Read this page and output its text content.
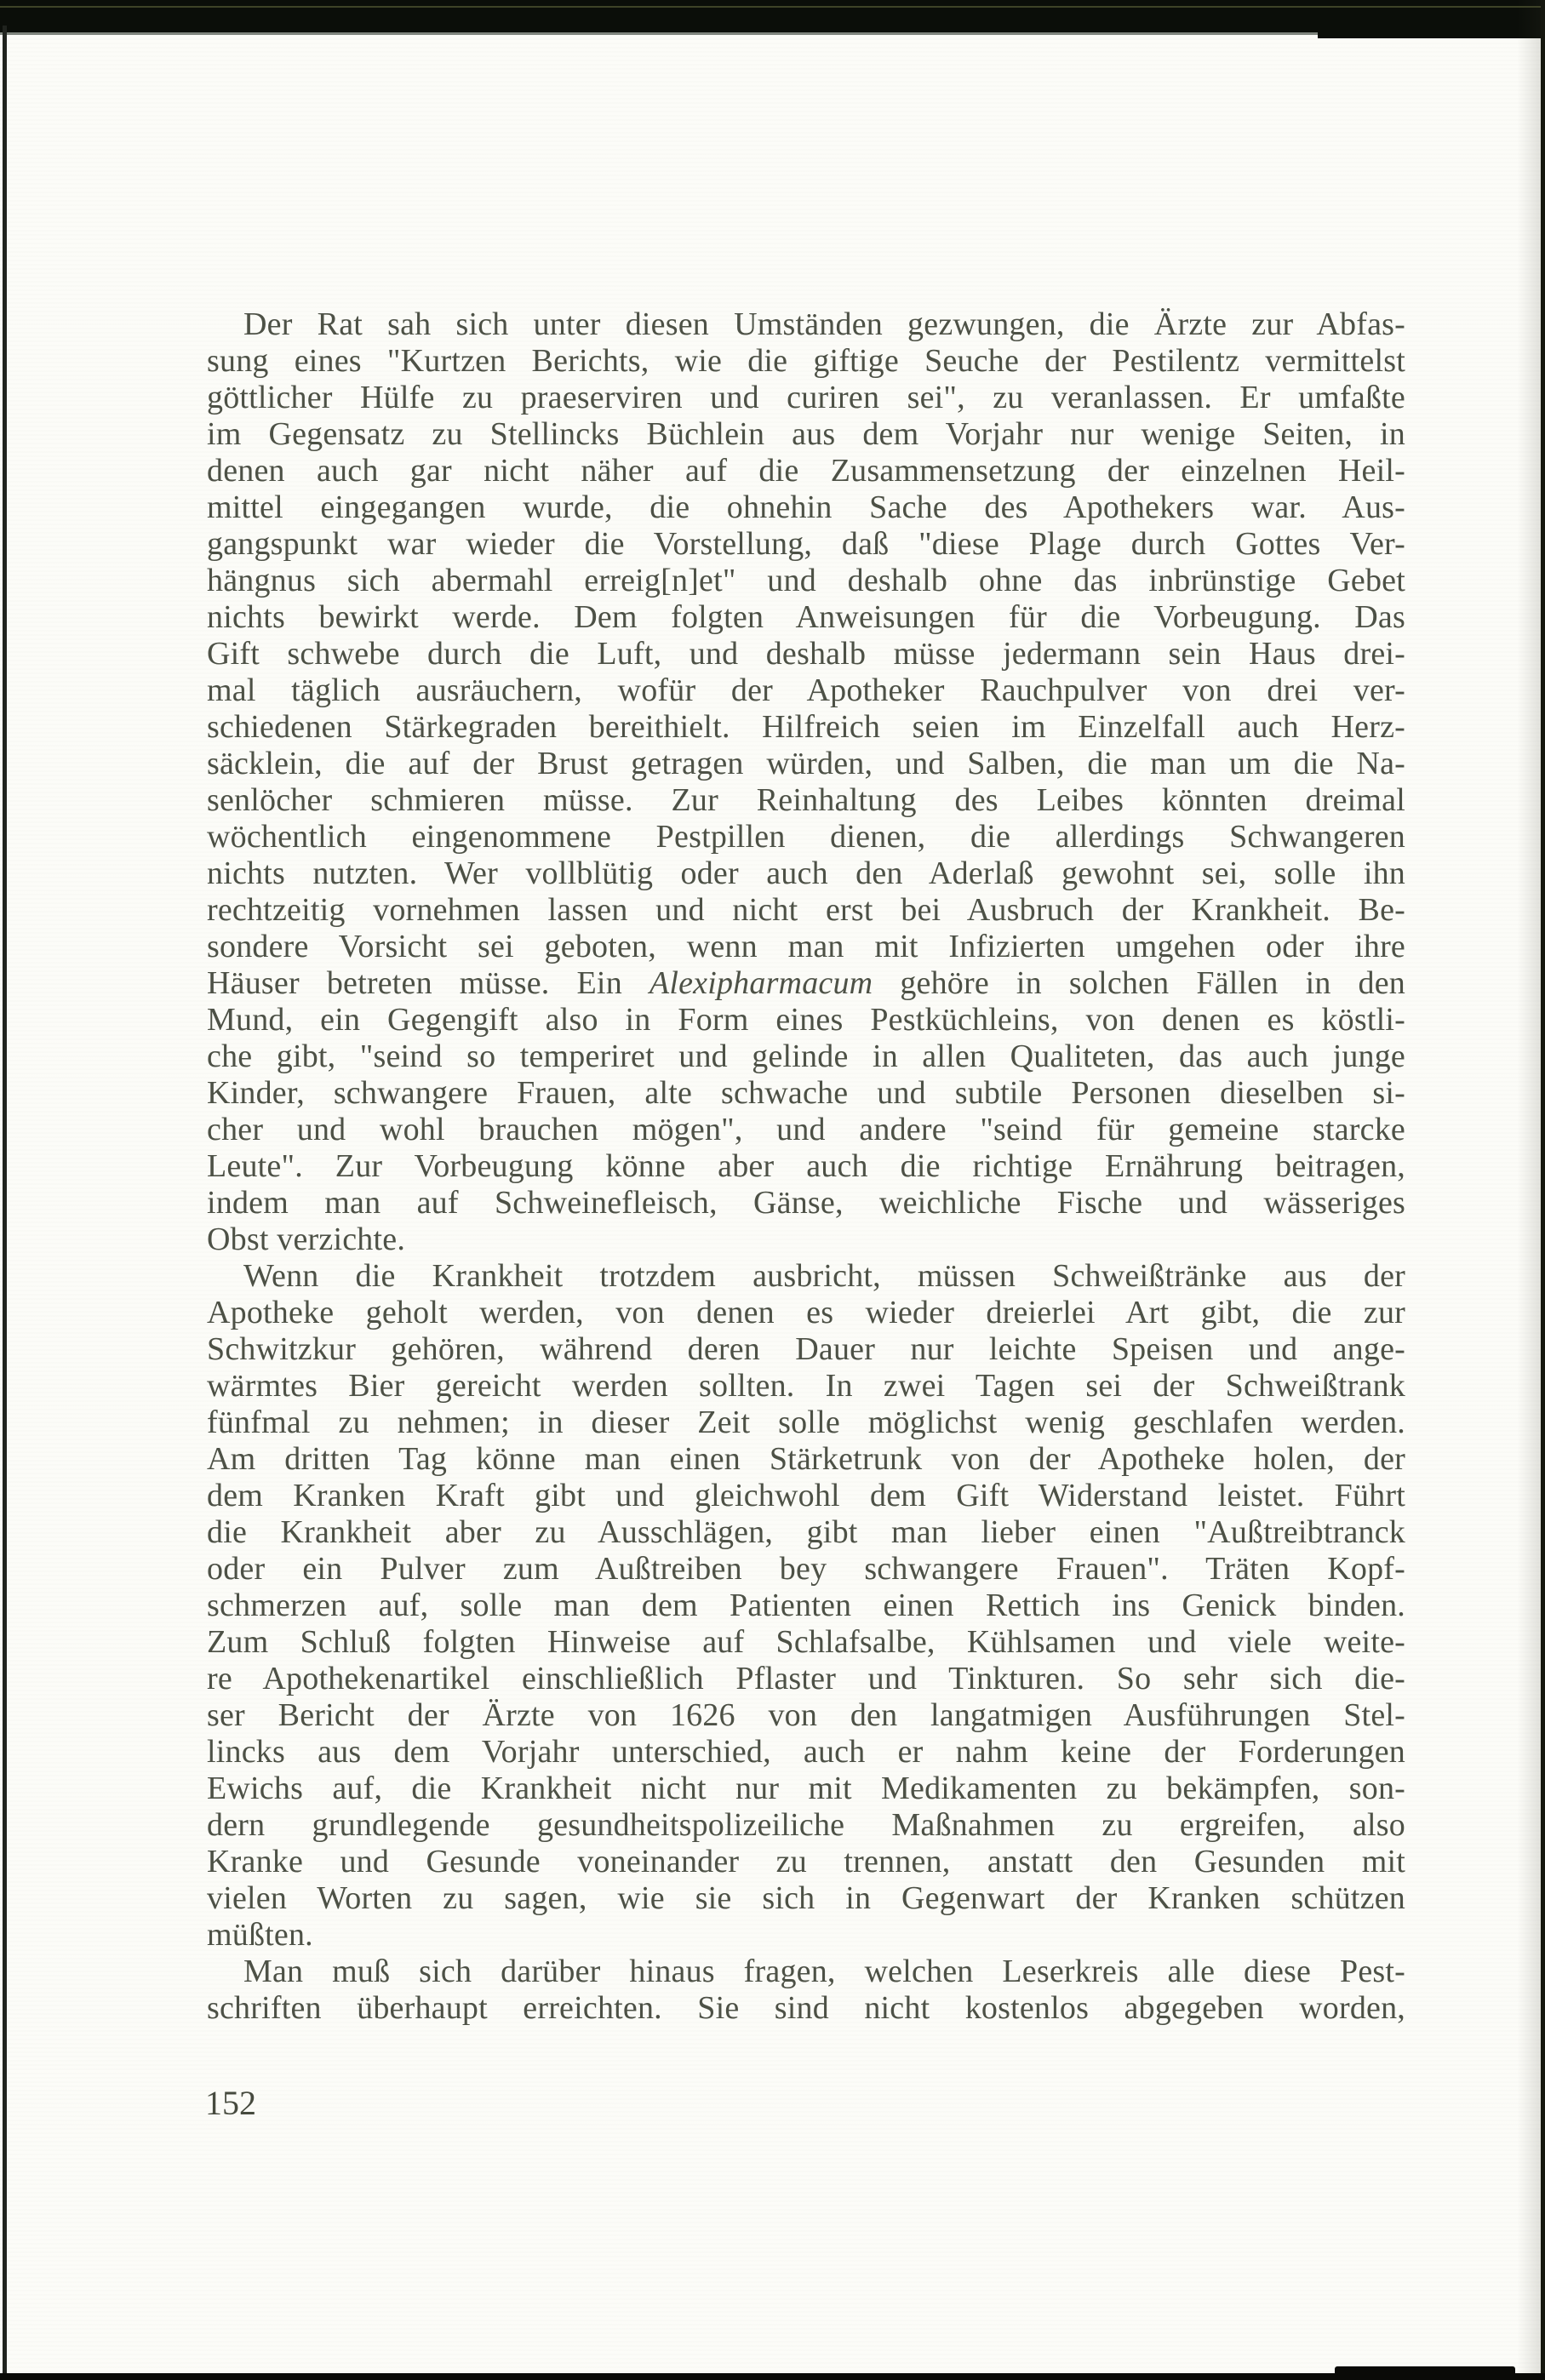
Der Rat sah sich unter diesen Umständen gezwungen, die Ärzte zur Abfas-
sung eines "Kurtzen Berichts, wie die giftige Seuche der Pestilentz vermittelst
göttlicher Hülfe zu praeserviren und curiren sei", zu veranlassen. Er umfaßte
im Gegensatz zu Stellincks Büchlein aus dem Vorjahr nur wenige Seiten, in
denen auch gar nicht näher auf die Zusammensetzung der einzelnen Heil-
mittel eingegangen wurde, die ohnehin Sache des Apothekers war. Aus-
gangspunkt war wieder die Vorstellung, daß "diese Plage durch Gottes Ver-
hängnus sich abermahl erreig[n]et" und deshalb ohne das inbrünstige Gebet
nichts bewirkt werde. Dem folgten Anweisungen für die Vorbeugung. Das
Gift schwebe durch die Luft, und deshalb müsse jedermann sein Haus drei-
mal täglich ausräuchern, wofür der Apotheker Rauchpulver von drei ver-
schiedenen Stärkegraden bereithielt. Hilfreich seien im Einzelfall auch Herz-
säcklein, die auf der Brust getragen würden, und Salben, die man um die Na-
senlöcher schmieren müsse. Zur Reinhaltung des Leibes könnten dreimal
wöchentlich eingenommene Pestpillen dienen, die allerdings Schwangeren
nichts nutzten. Wer vollblütig oder auch den Aderlaß gewohnt sei, solle ihn
rechtzeitig vornehmen lassen und nicht erst bei Ausbruch der Krankheit. Be-
sondere Vorsicht sei geboten, wenn man mit Infizierten umgehen oder ihre
Häuser betreten müsse. Ein Alexipharmacum gehöre in solchen Fällen in den
Mund, ein Gegengift also in Form eines Pestküchleins, von denen es köstli-
che gibt, "seind so temperiret und gelinde in allen Qualiteten, das auch junge
Kinder, schwangere Frauen, alte schwache und subtile Personen dieselben si-
cher und wohl brauchen mögen", und andere "seind für gemeine starcke
Leute". Zur Vorbeugung könne aber auch die richtige Ernährung beitragen,
indem man auf Schweinefleisch, Gänse, weichliche Fische und wässeriges
Obst verzichte.
Wenn die Krankheit trotzdem ausbricht, müssen Schweißtränke aus der
Apotheke geholt werden, von denen es wieder dreierlei Art gibt, die zur
Schwitzkur gehören, während deren Dauer nur leichte Speisen und ange-
wärmtes Bier gereicht werden sollten. In zwei Tagen sei der Schweißtrank
fünfmal zu nehmen; in dieser Zeit solle möglichst wenig geschlafen werden.
Am dritten Tag könne man einen Stärketrunk von der Apotheke holen, der
dem Kranken Kraft gibt und gleichwohl dem Gift Widerstand leistet. Führt
die Krankheit aber zu Ausschlägen, gibt man lieber einen "Außtreibtranck
oder ein Pulver zum Außtreiben bey schwangere Frauen". Träten Kopf-
schmerzen auf, solle man dem Patienten einen Rettich ins Genick binden.
Zum Schluß folgten Hinweise auf Schlafsalbe, Kühlsamen und viele weite-
re Apothekenartikel einschließlich Pflaster und Tinkturen. So sehr sich die-
ser Bericht der Ärzte von 1626 von den langatmigen Ausführungen Stel-
lincks aus dem Vorjahr unterschied, auch er nahm keine der Forderungen
Ewichs auf, die Krankheit nicht nur mit Medikamenten zu bekämpfen, son-
dern grundlegende gesundheitspolizeiliche Maßnahmen zu ergreifen, also
Kranke und Gesunde voneinander zu trennen, anstatt den Gesunden mit
vielen Worten zu sagen, wie sie sich in Gegenwart der Kranken schützen
müßten.
Man muß sich darüber hinaus fragen, welchen Leserkreis alle diese Pest-
schriften überhaupt erreichten. Sie sind nicht kostenlos abgegeben worden,
152
